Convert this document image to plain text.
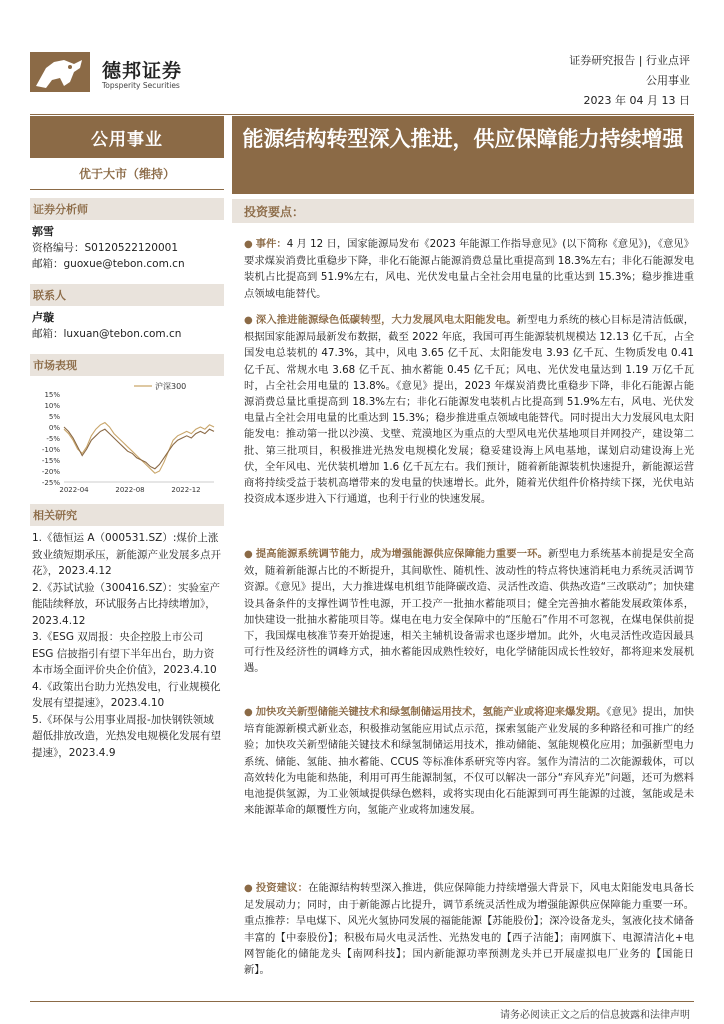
德邦证券
Topsperity Securities
证券研究报告 | 行业点评
公用事业
2023 年 04 月 13 日
公用事业
优于大市（维持）
证券分析师
郭雪
资格编号：S0120522120001
邮箱：guoxue@tebon.com.cn
联系人
卢璇
邮箱：luxuan@tebon.com.cn
市场表现
15%
10%
5%
0%
-5%
-10%
-15%
-20%
-25%
2022-04	2022-08	2022-12
沪深300
相关研究
1.《德恒运 A（000531.SZ）:煤价上涨致业绩短期承压，新能源产业发展多点开花》，2023.4.12
2.《苏试试验（300416.SZ）：实验室产能陆续释放，环试服务占比持续增加》，2023.4.12
3.《ESG 双周报：央企控股上市公司 ESG 信披指引有望下半年出台，助力资本市场全面评价央企价值》，2023.4.10
4.《政策出台助力光热发电，行业规模化发展有望提速》，2023.4.10
5.《环保与公用事业周报-加快钢铁领域超低排放改造，光热发电规模化发展有望提速》，2023.4.9
能源结构转型深入推进，供应保障能力持续增强
投资要点：
● 事件：4 月 12 日，国家能源局发布《2023 年能源工作指导意见》(以下简称《意见》)，《意见》要求煤炭消费比重稳步下降，非化石能源占能源消费总量比重提高到 18.3%左右；非化石能源发电装机占比提高到 51.9%左右，风电、光伏发电量占全社会用电量的比重达到 15.3%；稳步推进重点领域电能替代。
● 深入推进能源绿色低碳转型，大力发展风电太阳能发电。新型电力系统的核心目标是清洁低碳，根据国家能源局最新发布数据，截至 2022 年底，我国可再生能源装机规模达 12.13 亿千瓦，占全国发电总装机的 47.3%，其中，风电 3.65 亿千瓦、太阳能发电 3.93 亿千瓦、生物质发电 0.41 亿千瓦、常规水电 3.68 亿千瓦、抽水蓄能 0.45 亿千瓦；风电、光伏发电量达到 1.19 万亿千瓦时，占全社会用电量的 13.8%。《意见》提出，2023 年煤炭消费比重稳步下降，非化石能源占能源消费总量比重提高到 18.3%左右；非化石能源发电装机占比提高到 51.9%左右，风电、光伏发电量占全社会用电量的比重达到 15.3%；稳步推进重点领域电能替代。同时提出大力发展风电太阳能发电：推动第一批以沙漠、戈壁、荒漠地区为重点的大型风电光伏基地项目并网投产，建设第二批、第三批项目，积极推进光热发电规模化发展；稳妥建设海上风电基地，谋划启动建设海上光伏，全年风电、光伏装机增加 1.6 亿千瓦左右。我们预计，随着新能源装机快速提升，新能源运营商将持续受益于装机高增带来的发电量的快速增长。此外，随着光伏组件价格持续下探，光伏电站投资成本逐步进入下行通道，也利于行业的快速发展。
● 提高能源系统调节能力，成为增强能源供应保障能力重要一环。新型电力系统基本前提是安全高效，随着新能源占比的不断提升，其间歇性、随机性、波动性的特点将快速消耗电力系统灵活调节资源。《意见》提出，大力推进煤电机组节能降碳改造、灵活性改造、供热改造“三改联动”；加快建设具备条件的支撑性调节性电源，开工投产一批抽水蓄能项目；健全完善抽水蓄能发展政策体系，加快建设一批抽水蓄能项目等。煤电在电力安全保障中的“压舱石”作用不可忽视，在煤电保供前提下，我国煤电核准节奏开始提速，相关主辅机设备需求也逐步增加。此外，火电灵活性改造因最具可行性及经济性的调峰方式，抽水蓄能因成熟性较好，电化学储能因成长性较好，都将迎来发展机遇。
● 加快攻关新型储能关键技术和绿氢制储运用技术，氢能产业或将迎来爆发期。《意见》提出，加快培育能源新模式新业态，积极推动氢能应用试点示范，探索氢能产业发展的多种路径和可推广的经验；加快攻关新型储能关键技术和绿氢制储运用技术，推动储能、氢能规模化应用；加强新型电力系统、储能、氢能、抽水蓄能、CCUS 等标准体系研究等内容。氢作为清洁的二次能源载体，可以高效转化为电能和热能，利用可再生能源制氢，不仅可以解决一部分“弃风弃光”问题，还可为燃料电池提供氢源，为工业领域提供绿色燃料，或将实现由化石能源到可再生能源的过渡，氢能或是未来能源革命的颠覆性方向，氢能产业或将加速发展。
● 投资建议：在能源结构转型深入推进，供应保障能力持续增强大背景下，风电太阳能发电具备长足发展动力；同时，由于新能源占比提升，调节系统灵活性成为增强能源供应保障能力重要一环。重点推荐：旱电煤下、风光火氢协同发展的福能能源【苏能股份】；深冷设备龙头，氢液化技术储备丰富的【中泰股份】；积极布局火电灵活性、光热发电的【西子洁能】；南网旗下、电源清洁化+电网智能化的储能龙头【南网科技】；国内新能源功率预测龙头并已开展虚拟电厂业务的【国能日新】。
请务必阅读正文之后的信息披露和法律声明
